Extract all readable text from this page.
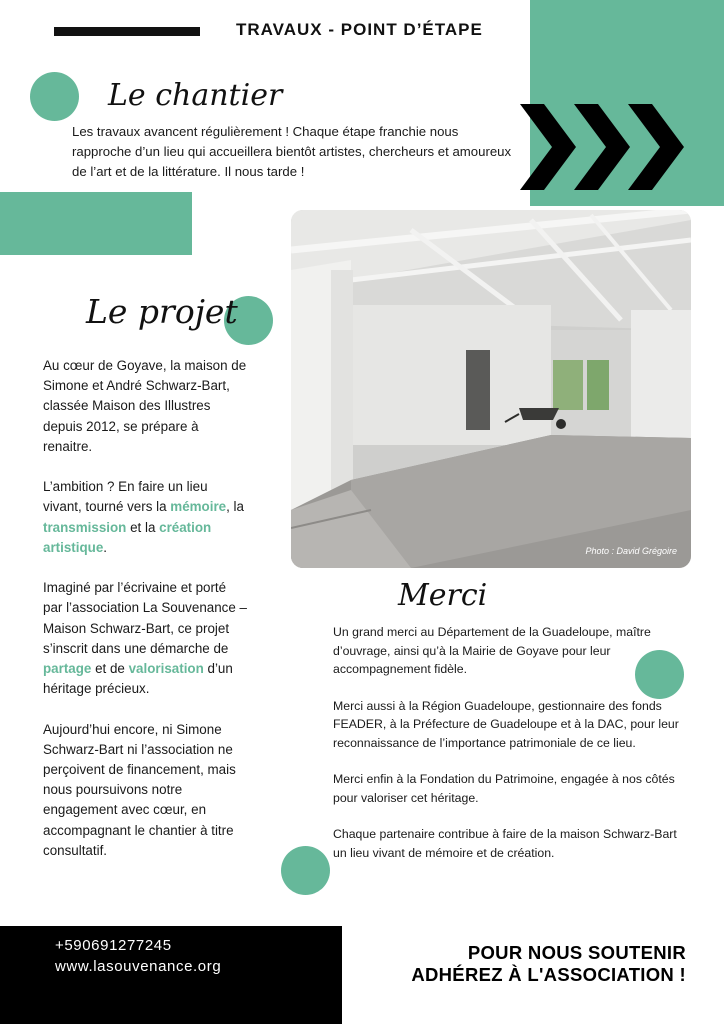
TRAVAUX - POINT D’ÉTAPE
Le chantier
Les travaux avancent régulièrement ! Chaque étape franchie nous rapproche d’un lieu qui accueillera bientôt artistes, chercheurs et amoureux de l’art et de la littérature. Il nous tarde !
Le projet

Au cœur de Goyave, la maison de Simone et André Schwarz-Bart, classée Maison des Illustres depuis 2012, se prépare à renaitre.

L’ambition ? En faire un lieu vivant, tourné vers la mémoire, la transmission et la création artistique.

Imaginé par l’écrivaine et porté par l’association La Souvenance – Maison Schwarz-Bart, ce projet s’inscrit dans une démarche de partage et de valorisation d’un héritage précieux.

Aujourd’hui encore, ni Simone Schwarz-Bart ni l’association ne perçoivent de financement, mais nous poursuivons notre engagement avec cœur, en accompagnant le chantier à titre consultatif.

Photo : David Grégoire
Merci

Un grand merci au Département de la Guadeloupe, maître d’ouvrage, ainsi qu’à la Mairie de Goyave pour leur accompagnement fidèle.

Merci aussi à la Région Guadeloupe, gestionnaire des fonds FEADER, à la Préfecture de Guadeloupe et à la DAC, pour leur reconnaissance de l’importance patrimoniale de ce lieu.

Merci enfin à la Fondation du Patrimoine, engagée à nos côtés pour valoriser cet héritage.

Chaque partenaire contribue à faire de la maison Schwarz-Bart un lieu vivant de mémoire et de création.

+590691277245
www.lasouvenance.org
POUR NOUS SOUTENIR
ADHÉREZ À L'ASSOCIATION !
